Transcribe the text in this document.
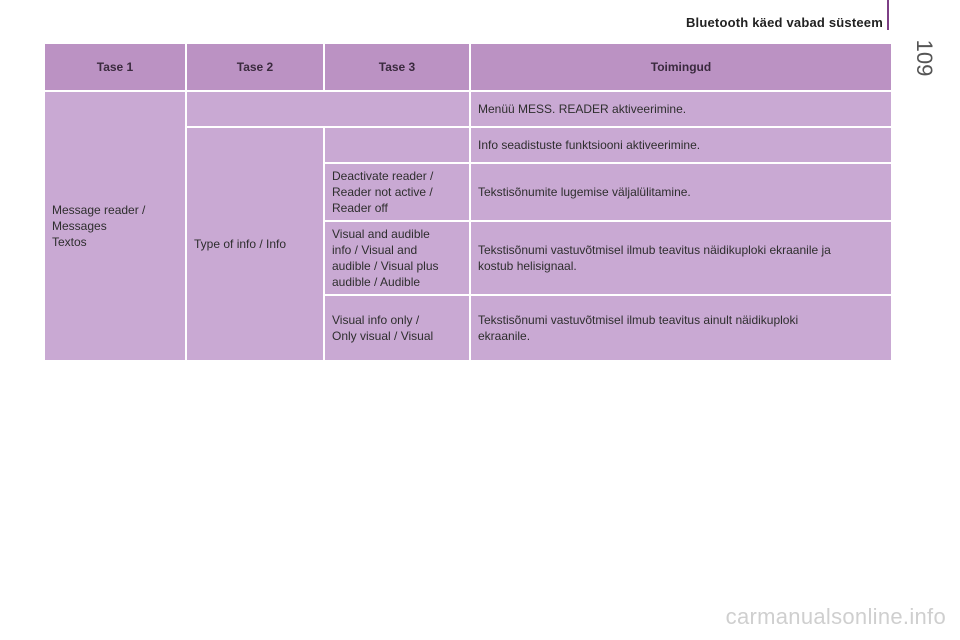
Bluetooth käed vabad süsteem
109
Tase 1	Tase 2	Tase 3	Toimingud
Message reader /
Messages
Textos			Menüü MESS. READER aktiveerimine.
	Type of info / Info		Info seadistuste funktsiooni aktiveerimine.
		Deactivate reader /
Reader not active /
Reader off	Tekstisõnumite lugemise väljalülitamine.
		Visual and audible
info / Visual and
audible / Visual plus
audible / Audible	Tekstisõnumi vastuvõtmisel ilmub teavitus näidikuploki ekraanile ja
kostub helisignaal.
		Visual info only /
Only visual / Visual	Tekstisõnumi vastuvõtmisel ilmub teavitus ainult näidikuploki
ekraanile.

carmanualsonline.info
